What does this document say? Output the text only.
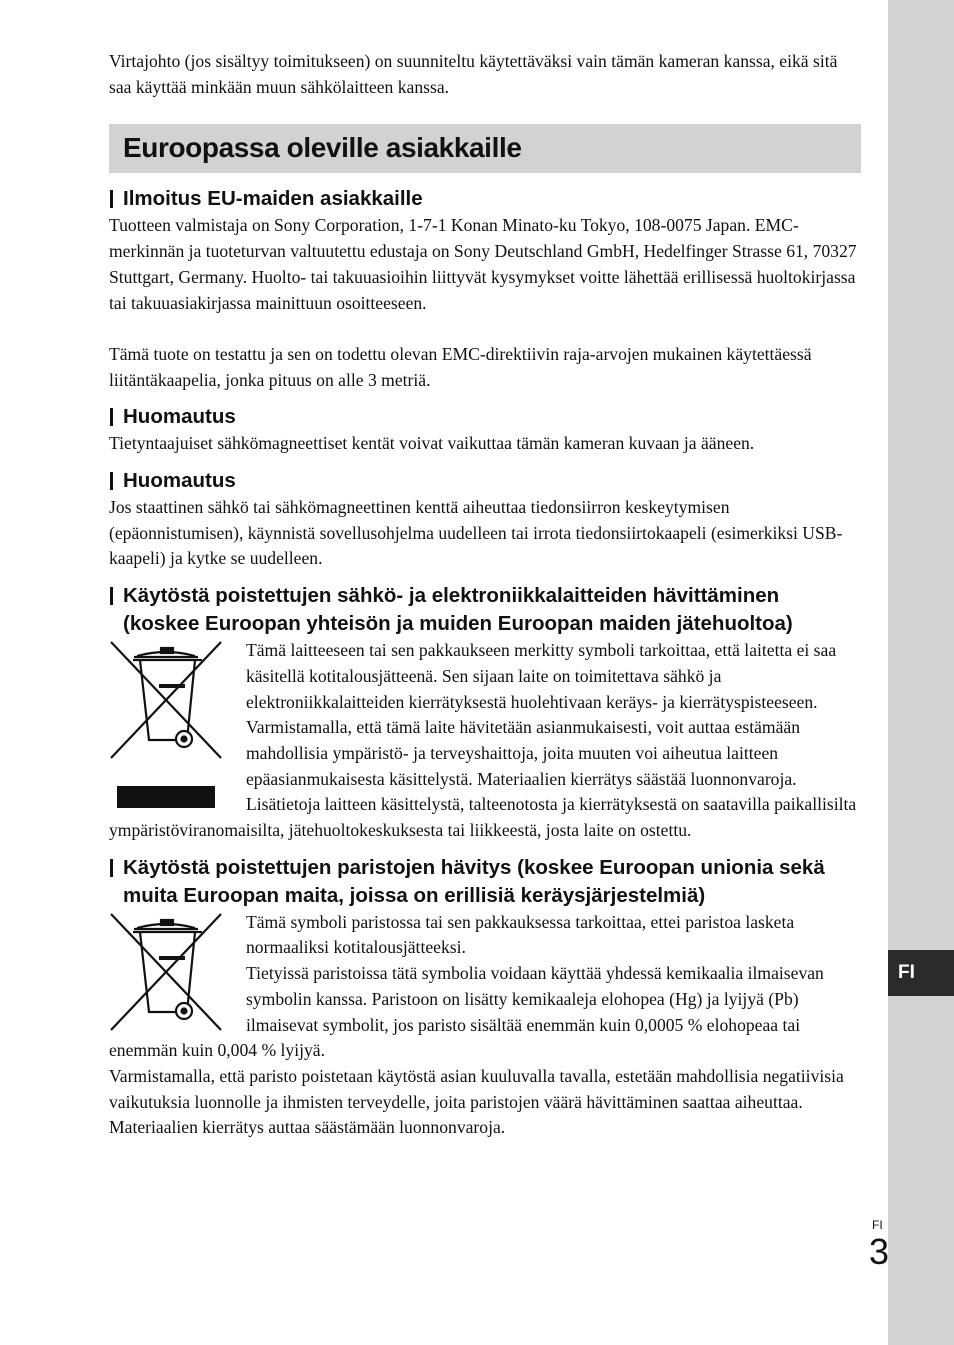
FI
FI
3

Virtajohto (jos sisältyy toimitukseen) on suunniteltu käytettäväksi vain tämän kameran kanssa, eikä sitä saa käyttää minkään muun sähkölaitteen kanssa.

Euroopassa oleville asiakkaille
Ilmoitus EU-maiden asiakkaille

Tuotteen valmistaja on Sony Corporation, 1-7-1 Konan Minato-ku Tokyo, 108-0075 Japan. EMC-merkinnän ja tuoteturvan valtuutettu edustaja on Sony Deutschland GmbH, Hedelfinger Strasse 61, 70327 Stuttgart, Germany. Huolto- tai takuuasioihin liittyvät kysymykset voitte lähettää erillisessä huoltokirjassa tai takuuasiakirjassa mainittuun osoitteeseen.

Tämä tuote on testattu ja sen on todettu olevan EMC-direktiivin raja-arvojen mukainen käytettäessä liitäntäkaapelia, jonka pituus on alle 3 metriä.

Huomautus

Tietyntaajuiset sähkömagneettiset kentät voivat vaikuttaa tämän kameran kuvaan ja ääneen.

Huomautus

Jos staattinen sähkö tai sähkömagneettinen kenttä aiheuttaa tiedonsiirron keskeytymisen (epäonnistumisen), käynnistä sovellusohjelma uudelleen tai irrota tiedonsiirtokaapeli (esimerkiksi USB-kaapeli) ja kytke se uudelleen.

Käytöstä poistettujen sähkö- ja elektroniikkalaitteiden hävittäminen (koskee Euroopan yhteisön ja muiden Euroopan maiden jätehuoltoa)

Tämä laitteeseen tai sen pakkaukseen merkitty symboli tarkoittaa, että laitetta ei saa käsitellä kotitalousjätteenä. Sen sijaan laite on toimitettava sähkö ja elektroniikkalaitteiden kierrätyksestä huolehtivaan keräys- ja kierrätyspisteeseen. Varmistamalla, että tämä laite hävitetään asianmukaisesti, voit auttaa estämään mahdollisia ympäristö- ja terveyshaittoja, joita muuten voi aiheutua laitteen epäasianmukaisesta käsittelystä. Materiaalien kierrätys säästää luonnonvaroja. Lisätietoja laitteen käsittelystä, talteenotosta ja kierrätyksestä on saatavilla paikallisilta ympäristöviranomaisilta, jätehuoltokeskuksesta tai liikkeestä, josta laite on ostettu.

Käytöstä poistettujen paristojen hävitys (koskee Euroopan unionia sekä muita Euroopan maita, joissa on erillisiä keräysjärjestelmiä)

Tämä symboli paristossa tai sen pakkauksessa tarkoittaa, ettei paristoa lasketa normaaliksi kotitalousjätteeksi.

Tietyissä paristoissa tätä symbolia voidaan käyttää yhdessä kemikaalia ilmaisevan symbolin kanssa. Paristoon on lisätty kemikaaleja elohopea (Hg) ja lyijyä (Pb) ilmaisevat symbolit, jos paristo sisältää enemmän kuin 0,0005 % elohopeaa tai enemmän kuin 0,004 % lyijyä.

Varmistamalla, että paristo poistetaan käytöstä asian kuuluvalla tavalla, estetään mahdollisia negatiivisia vaikutuksia luonnolle ja ihmisten terveydelle, joita paristojen väärä hävittäminen saattaa aiheuttaa. Materiaalien kierrätys auttaa säästämään luonnonvaroja.
